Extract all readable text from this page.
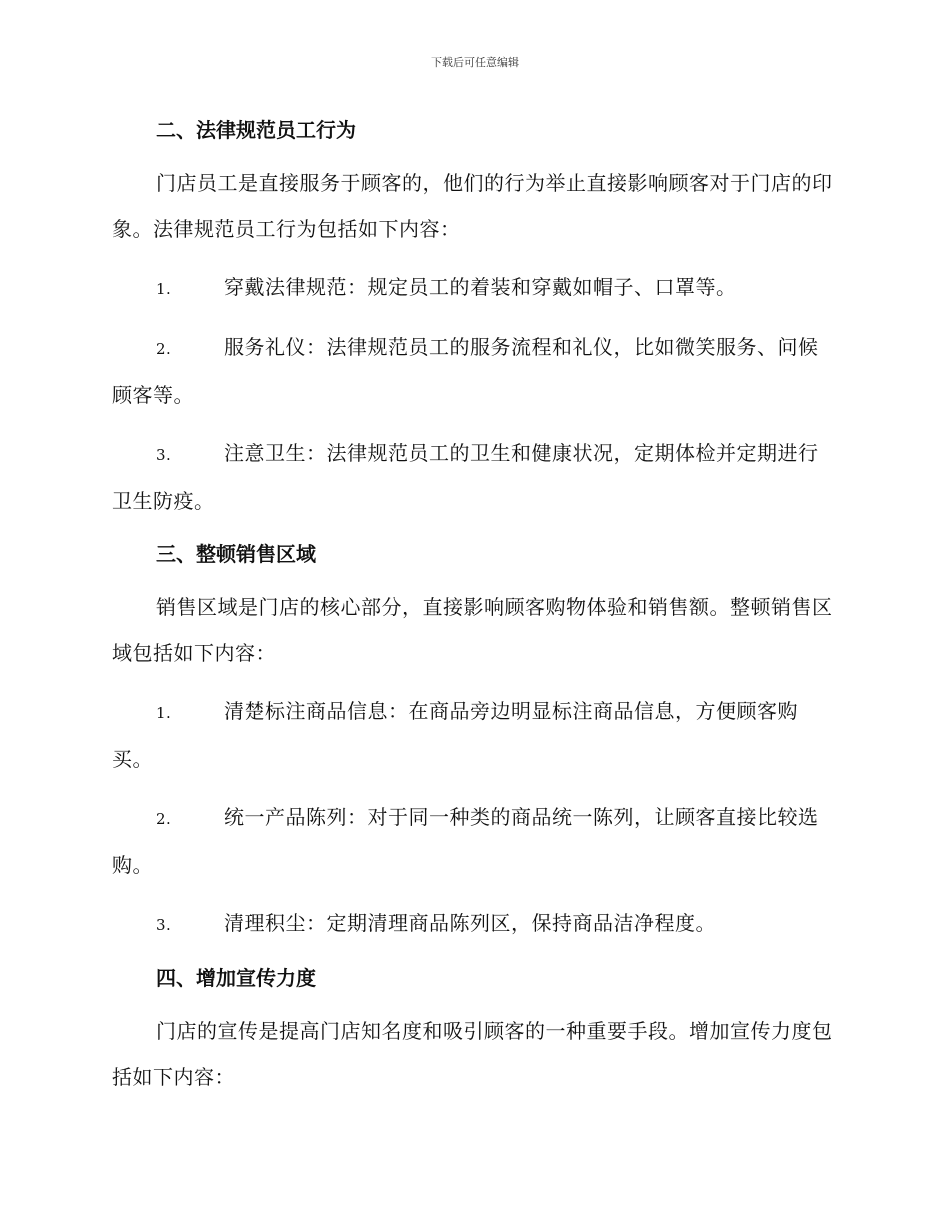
下载后可任意编辑

二、法律规范员工行为

门店员工是直接服务于顾客的，他们的行为举止直接影响顾客对于门店的印象。法律规范员工行为包括如下内容：

1.	穿戴法律规范：规定员工的着装和穿戴如帽子、口罩等。

2.	服务礼仪：法律规范员工的服务流程和礼仪，比如微笑服务、问候顾客等。

3.	注意卫生：法律规范员工的卫生和健康状况，定期体检并定期进行卫生防疫。

三、整顿销售区域

销售区域是门店的核心部分，直接影响顾客购物体验和销售额。整顿销售区域包括如下内容：

1.	清楚标注商品信息：在商品旁边明显标注商品信息，方便顾客购买。

2.	统一产品陈列：对于同一种类的商品统一陈列，让顾客直接比较选购。

3.	清理积尘：定期清理商品陈列区，保持商品洁净程度。

四、增加宣传力度

门店的宣传是提高门店知名度和吸引顾客的一种重要手段。增加宣传力度包括如下内容：
